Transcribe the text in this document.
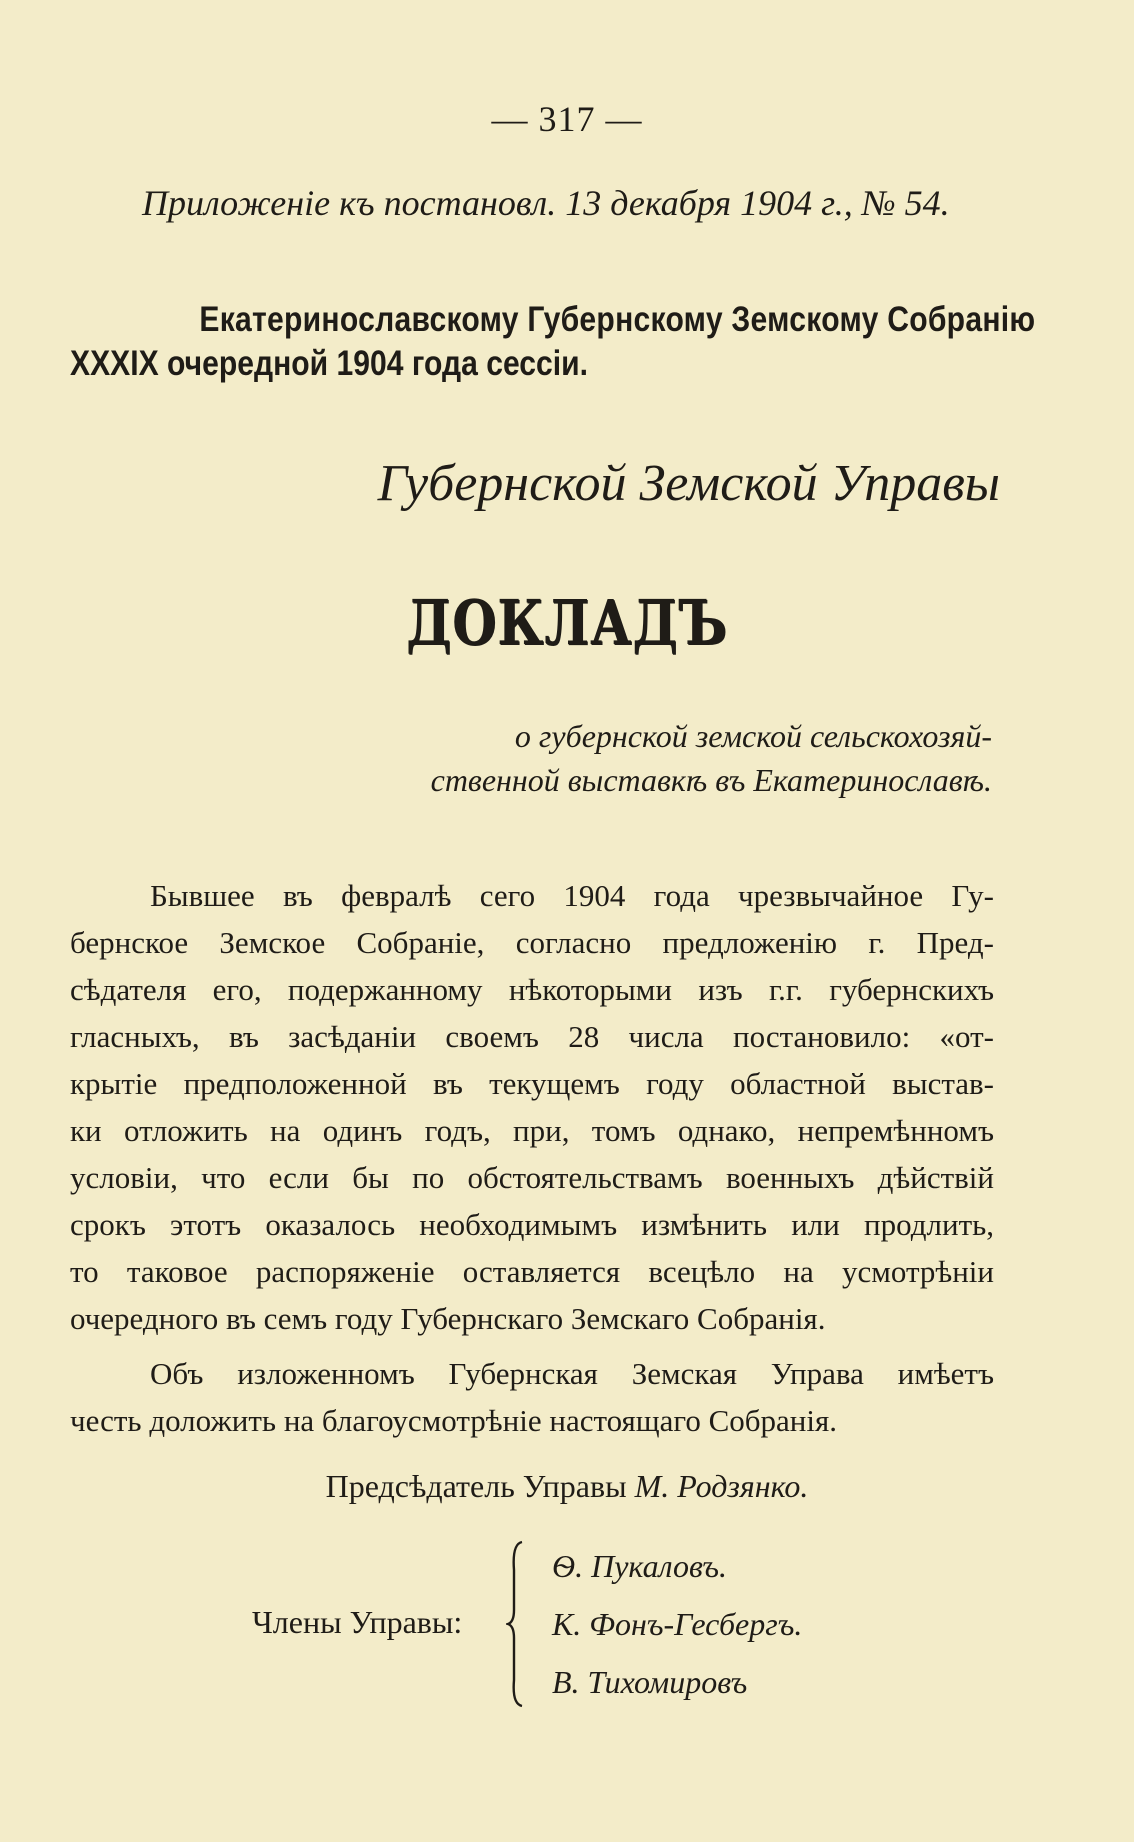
— 317 —
Приложеніе къ постановл. 13 декабря 1904 г., № 54.
Екатеринославскому Губернскому Земскому Собранію
XXXIX очередной 1904 года сессіи.
Губернской Земской Управы
ДОКЛАДЪ
о губернской земской сельскохозяй-
ственной выставкѣ въ Екатеринославѣ.
Бывшее въ февралѣ сего 1904 года чрезвычайное Гу-
бернское Земское Собраніе, согласно предложенію г. Пред-
сѣдателя его, подержанному нѣкоторыми изъ г.г. губернскихъ
гласныхъ, въ засѣданіи своемъ 28 числа постановило: «от-
крытіе предположенной въ текущемъ году областной выстав-
ки отложить на одинъ годъ, при, томъ однако, непремѣнномъ
условіи, что если бы по обстоятельствамъ военныхъ дѣйствій
срокъ этотъ оказалось необходимымъ измѣнить или продлить,
то таковое распоряженіе оставляется всецѣло на усмотрѣніи
очередного въ семъ году Губернскаго Земскаго Собранія.
Объ изложенномъ Губернская Земская Управа имѣетъ
честь доложить на благоусмотрѣніе настоящаго Собранія.
Предсѣдатель Управы М. Родзянко.
Члены Управы:
Ѳ. Пукаловъ.
К. Фонъ-Гесбергъ.
В. Тихомировъ
